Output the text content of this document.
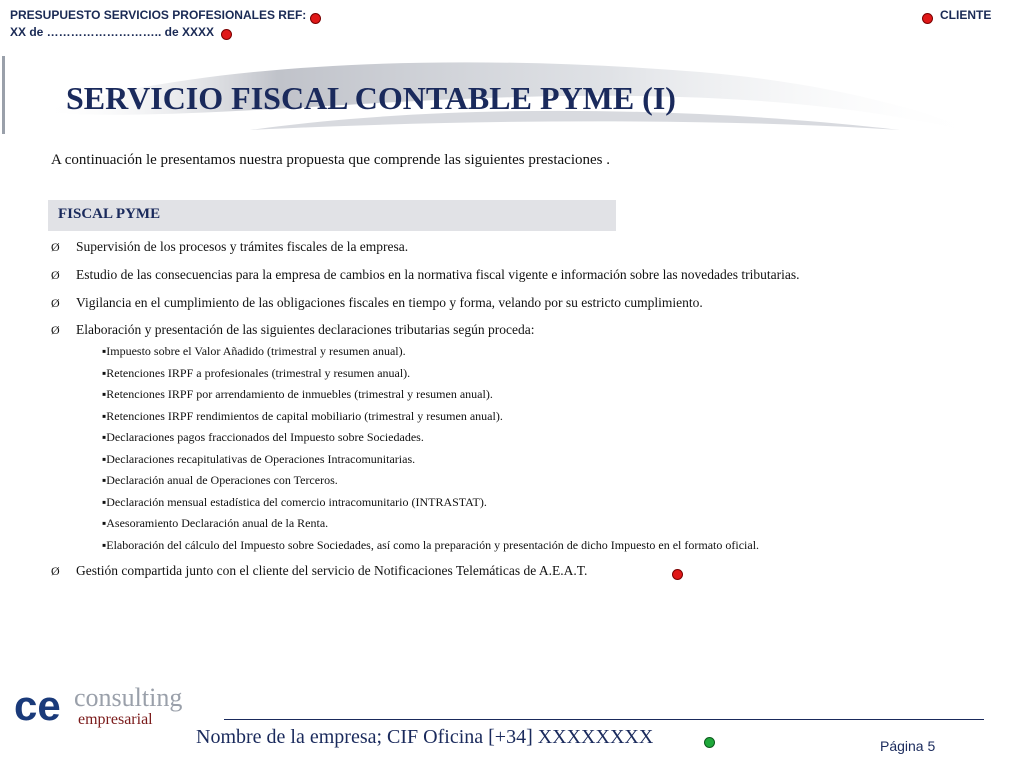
PRESUPUESTO SERVICIOS PROFESIONALES REF:
XX de ……………………….. de XXXX
CLIENTE
SERVICIO FISCAL CONTABLE PYME (I)
A continuación le presentamos nuestra propuesta que comprende las siguientes prestaciones .
FISCAL PYME
Ø Supervisión de los procesos y trámites fiscales de la empresa.
Ø Estudio de las consecuencias para la empresa de cambios en la normativa fiscal vigente e información sobre las novedades tributarias.
Ø Vigilancia en el cumplimiento de las obligaciones fiscales en tiempo y forma, velando por su estricto cumplimiento.
Ø Elaboración y presentación de las siguientes declaraciones tributarias según proceda:
▪Impuesto sobre el Valor Añadido (trimestral y resumen anual).
▪Retenciones IRPF a profesionales (trimestral y resumen anual).
▪Retenciones IRPF por arrendamiento de inmuebles (trimestral y resumen anual).
▪Retenciones IRPF rendimientos de capital mobiliario (trimestral y resumen anual).
▪Declaraciones pagos fraccionados del Impuesto sobre Sociedades.
▪Declaraciones recapitulativas de Operaciones Intracomunitarias.
▪Declaración anual de Operaciones con Terceros.
▪Declaración mensual estadística del comercio intracomunitario (INTRASTAT).
▪Asesoramiento Declaración anual de la Renta.
▪Elaboración del cálculo del Impuesto sobre Sociedades, así como la preparación y presentación de dicho Impuesto en el formato oficial.
Ø Gestión compartida junto con el cliente del servicio de Notificaciones Telemáticas de A.E.A.T.
ce consulting
empresarial
Nombre de la empresa; CIF Oficina [+34] XXXXXXXX	Página 5
